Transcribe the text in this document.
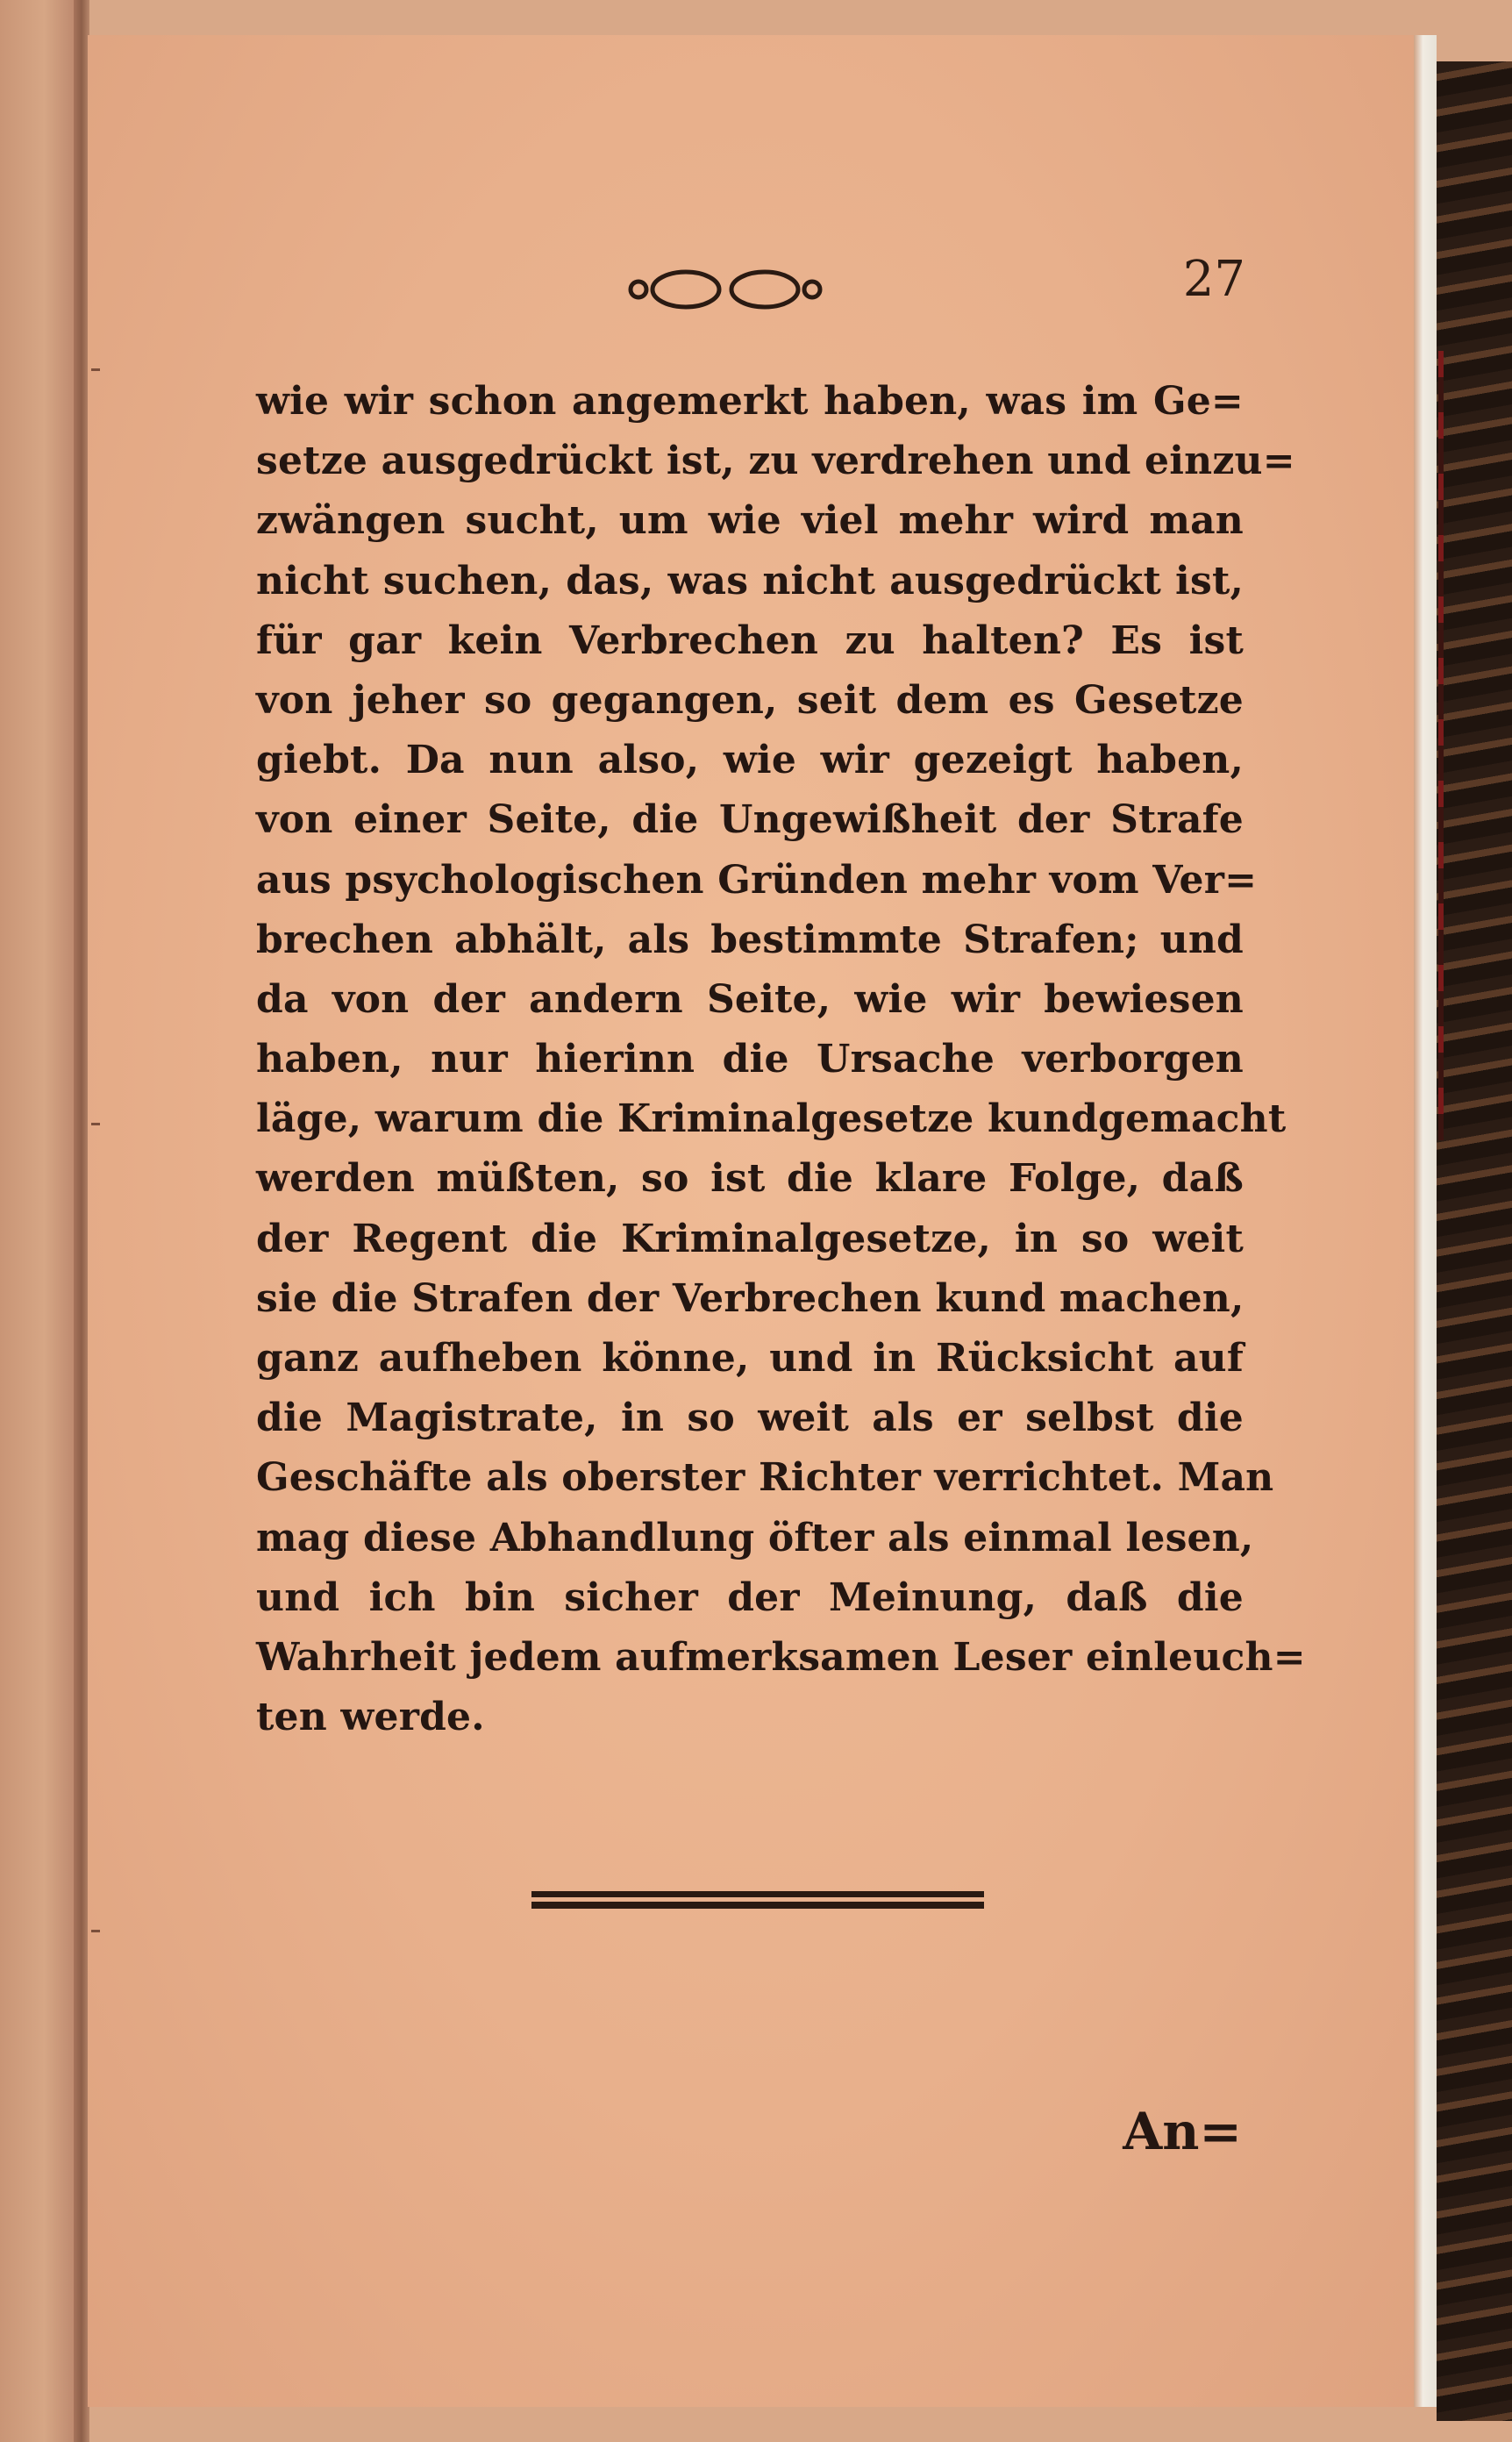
27
wie wir schon angemerkt haben, was im Ge=
setze ausgedrückt ist, zu verdrehen und einzu=
zwängen sucht, um wie viel mehr wird man
nicht suchen, das, was nicht ausgedrückt ist,
für gar kein Verbrechen zu halten? Es ist
von jeher so gegangen, seit dem es Gesetze
giebt. Da nun also, wie wir gezeigt haben,
von einer Seite, die Ungewißheit der Strafe
aus psychologischen Gründen mehr vom Ver=
brechen abhält, als bestimmte Strafen; und
da von der andern Seite, wie wir bewiesen
haben, nur hierinn die Ursache verborgen
läge, warum die Kriminalgesetze kundgemacht
werden müßten, so ist die klare Folge, daß
der Regent die Kriminalgesetze, in so weit
sie die Strafen der Verbrechen kund machen,
ganz aufheben könne, und in Rücksicht auf
die Magistrate, in so weit als er selbst die
Geschäfte als oberster Richter verrichtet. Man
mag diese Abhandlung öfter als einmal lesen,
und ich bin sicher der Meinung, daß die
Wahrheit jedem aufmerksamen Leser einleuch=
ten werde.
An=
